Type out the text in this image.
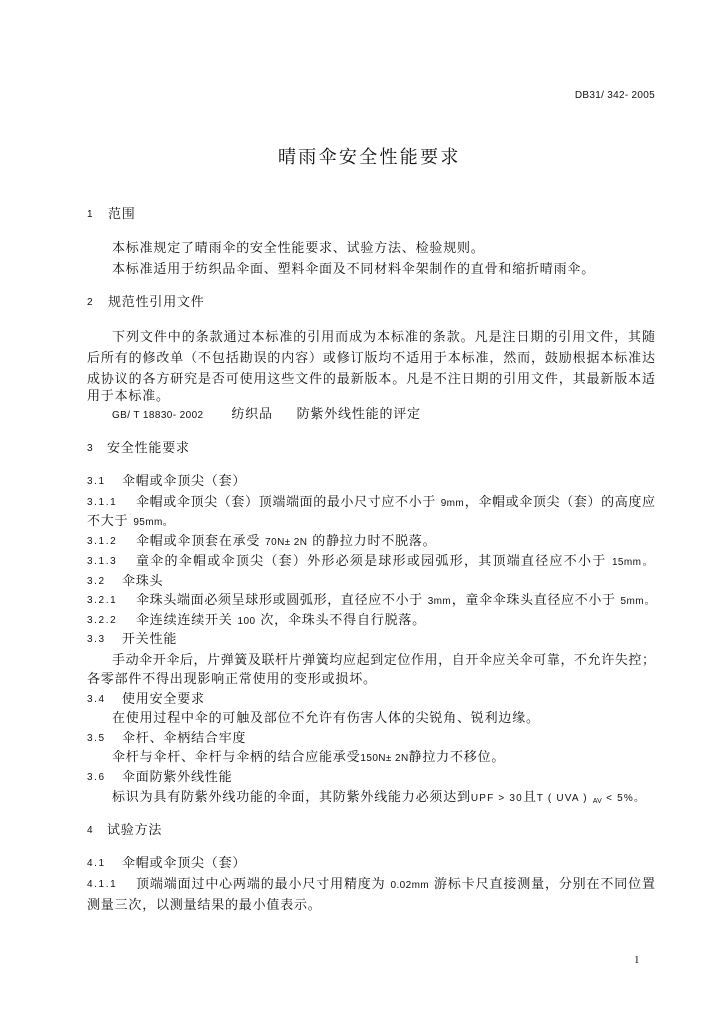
DB31/ 342- 2005
晴雨伞安全性能要求
1 范围
本标准规定了晴雨伞的安全性能要求、试验方法、检验规则。
本标准适用于纺织品伞面、塑料伞面及不同材料伞架制作的直骨和缩折晴雨伞。
2 规范性引用文件
下列文件中的条款通过本标准的引用而成为本标准的条款。凡是注日期的引用文件，其随
后所有的修改单（不包括勘误的内容）或修订版均不适用于本标准，然而，鼓励根据本标准达
成协议的各方研究是否可使用这些文件的最新版本。凡是不注日期的引用文件，其最新版本适
用于本标准。
GB/ T 18830- 2002 纺织品 防紫外线性能的评定
3 安全性能要求
3.1 伞帽或伞顶尖（套）
3.1.1 伞帽或伞顶尖（套）顶端端面的最小尺寸应不小于 9mm，伞帽或伞顶尖（套）的高度应
不大于 95mm。
3.1.2 伞帽或伞顶套在承受 70N± 2N 的静拉力时不脱落。
3.1.3 童伞的伞帽或伞顶尖（套）外形必须是球形或园弧形，其顶端直径应不小于 15mm。
3.2 伞珠头
3.2.1 伞珠头端面必须呈球形或圆弧形，直径应不小于 3mm，童伞伞珠头直径应不小于 5mm。
3.2.2 伞连续连续开关 100 次，伞珠头不得自行脱落。
3.3 开关性能
手动伞开伞后，片弹簧及联杆片弹簧均应起到定位作用，自开伞应关伞可靠，不允许失控；
各零部件不得出现影响正常使用的变形或损坏。
3.4 使用安全要求
在使用过程中伞的可触及部位不允许有伤害人体的尖锐角、锐利边缘。
3.5 伞杆、伞柄结合牢度
伞杆与伞杆、伞杆与伞柄的结合应能承受150N± 2N静拉力不移位。
3.6 伞面防紫外线性能
标识为具有防紫外线功能的伞面，其防紫外线能力必须达到UPF > 30且T ( UVA ) $_{AV}$ < 5%。
4 试验方法
4.1 伞帽或伞顶尖（套）
4.1.1 顶端端面过中心两端的最小尺寸用精度为 0.02mm 游标卡尺直接测量，分别在不同位置
测量三次，以测量结果的最小值表示。
1
